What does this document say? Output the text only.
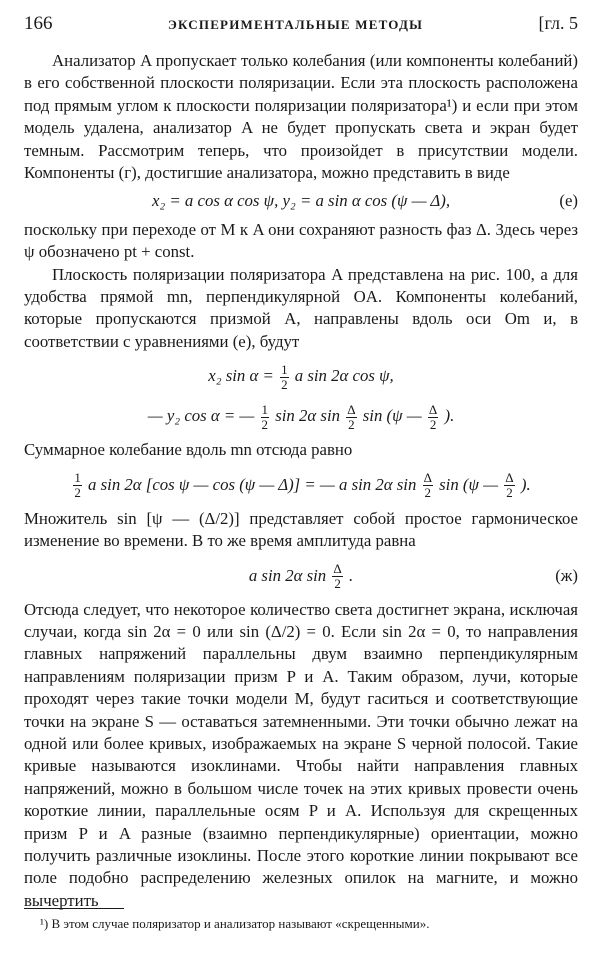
166	ЭКСПЕРИМЕНТАЛЬНЫЕ МЕТОДЫ	[гл. 5

Анализатор A пропускает только колебания (или компоненты колебаний) в его собственной плоскости поляризации. Если эта плоскость расположена под прямым углом к плоскости поляризации поляризатора¹) и если при этом модель удалена, анализатор A не будет пропускать света и экран будет темным. Рассмотрим теперь, что произойдет в присутствии модели. Компоненты (г), достигшие анализатора, можно представить в виде

x₂ = a cos α cos ψ, y₂ = a sin α cos (ψ — Δ),	(е)

поскольку при переходе от M к A они сохраняют разность фаз Δ. Здесь через ψ обозначено pt + const.

Плоскость поляризации поляризатора A представлена на рис. 100, a для удобства прямой mn, перпендикулярной OA. Компоненты колебаний, которые пропускаются призмой A, направлены вдоль оси Om и, в соответствии с уравнениями (е), будут

x₂ $\sin \alpha = \frac{1}{2}$ a sin 2α cos ψ,
— y₂ cos α = — $\frac{1}{2}$ sin 2α $\sin \frac{\Delta}{2}$ sin (ψ — $\frac{\Delta}{2}$ ).

Суммарное колебание вдоль mn отсюда равно

$\frac{1}{2}$ a sin 2α [cos ψ — cos (ψ — Δ)] = — a sin 2α $\sin \frac{\Delta}{2}$ sin (ψ — $\frac{\Delta}{2}$ ).

Множитель sin [ψ — (Δ/2)] представляет собой простое гармоническое изменение во времени. В то же время амплитуда равна

a sin 2α $\sin \frac{\Delta}{2}$ .	(ж)

Отсюда следует, что некоторое количество света достигнет экрана, исключая случаи, когда sin 2α = 0 или sin (Δ/2) = 0. Если sin 2α = 0, то направления главных напряжений параллельны двум взаимно перпендикулярным направлениям поляризации призм P и A. Таким образом, лучи, которые проходят через такие точки модели M, будут гаситься и соответствующие точки на экране S — оставаться затемненными. Эти точки обычно лежат на одной или более кривых, изображаемых на экране S черной полосой. Такие кривые называются изоклинами. Чтобы найти направления главных напряжений, можно в большом числе точек на этих кривых провести очень короткие линии, параллельные осям P и A. Используя для скрещенных призм P и A разные (взаимно перпендикулярные) ориентации, можно получить различные изоклины. После этого короткие линии покрывают все поле подобно распределению железных опилок на магните, и можно вычертить

¹) В этом случае поляризатор и анализатор называют «скрещенными».
